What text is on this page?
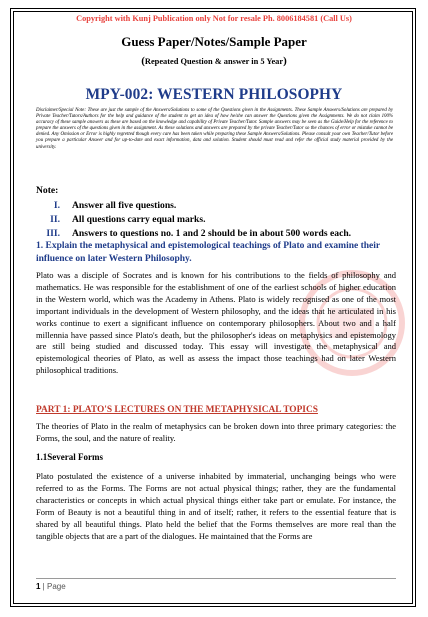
Copyright with Kunj Publication only Not for resale Ph. 8006184581 (Call Us)
Guess Paper/Notes/Sample Paper
(Repeated Question & answer in 5 Year)
MPY-002: WESTERN PHILOSOPHY
Disclaimer/Special Note: These are just the sample of the Answers/Solutions to some of the Questions given in the Assignments. These Sample Answers/Solutions are prepared by Private Teacher/Tutors/Authors for the help and guidance of the student to get an idea of how he/she can answer the Questions given the Assignments. We do not claim 100% accuracy of these sample answers as these are based on the knowledge and capability of Private Teacher/Tutor. Sample answers may be seen as the Guide/Help for the reference to prepare the answers of the questions given in the assignment. As these solutions and answers are prepared by the private Teacher/Tutor so the chances of error or mistake cannot be denied. Any Omission or Error is highly regretted though every care has been taken while preparing these Sample Answers/Solutions. Please consult your own Teacher/Tutor before you prepare a particular Answer and for up-to-date and exact information, data and solution. Student should must read and refer the official study material provided by the university.
Note:
I. Answer all five questions.
II. All questions carry equal marks.
III. Answers to questions no. 1 and 2 should be in about 500 words each.
1. Explain the metaphysical and epistemological teachings of Plato and examine their influence on later Western Philosophy.
Plato was a disciple of Socrates and is known for his contributions to the fields of philosophy and mathematics. He was responsible for the establishment of one of the earliest schools of higher education in the Western world, which was the Academy in Athens. Plato is widely recognised as one of the most important individuals in the development of Western philosophy, and the ideas that he articulated in his works continue to exert a significant influence on contemporary philosophers. About two and a half millennia have passed since Plato's death, but the philosopher's ideas on metaphysics and epistemology are still being studied and discussed today. This essay will investigate the metaphysical and epistemological theories of Plato, as well as assess the impact those teachings had on later Western philosophical traditions.
PART 1: PLATO'S LECTURES ON THE METAPHYSICAL TOPICS
The theories of Plato in the realm of metaphysics can be broken down into three primary categories: the Forms, the soul, and the nature of reality.
1.1Several Forms
Plato postulated the existence of a universe inhabited by immaterial, unchanging beings who were referred to as the Forms. The Forms are not actual physical things; rather, they are the fundamental characteristics or concepts in which actual physical things either take part or emulate. For instance, the Form of Beauty is not a beautiful thing in and of itself; rather, it refers to the essential feature that is shared by all beautiful things. Plato held the belief that the Forms themselves are more real than the tangible objects that are a part of the dialogues. He maintained that the Forms are
1 | Page
